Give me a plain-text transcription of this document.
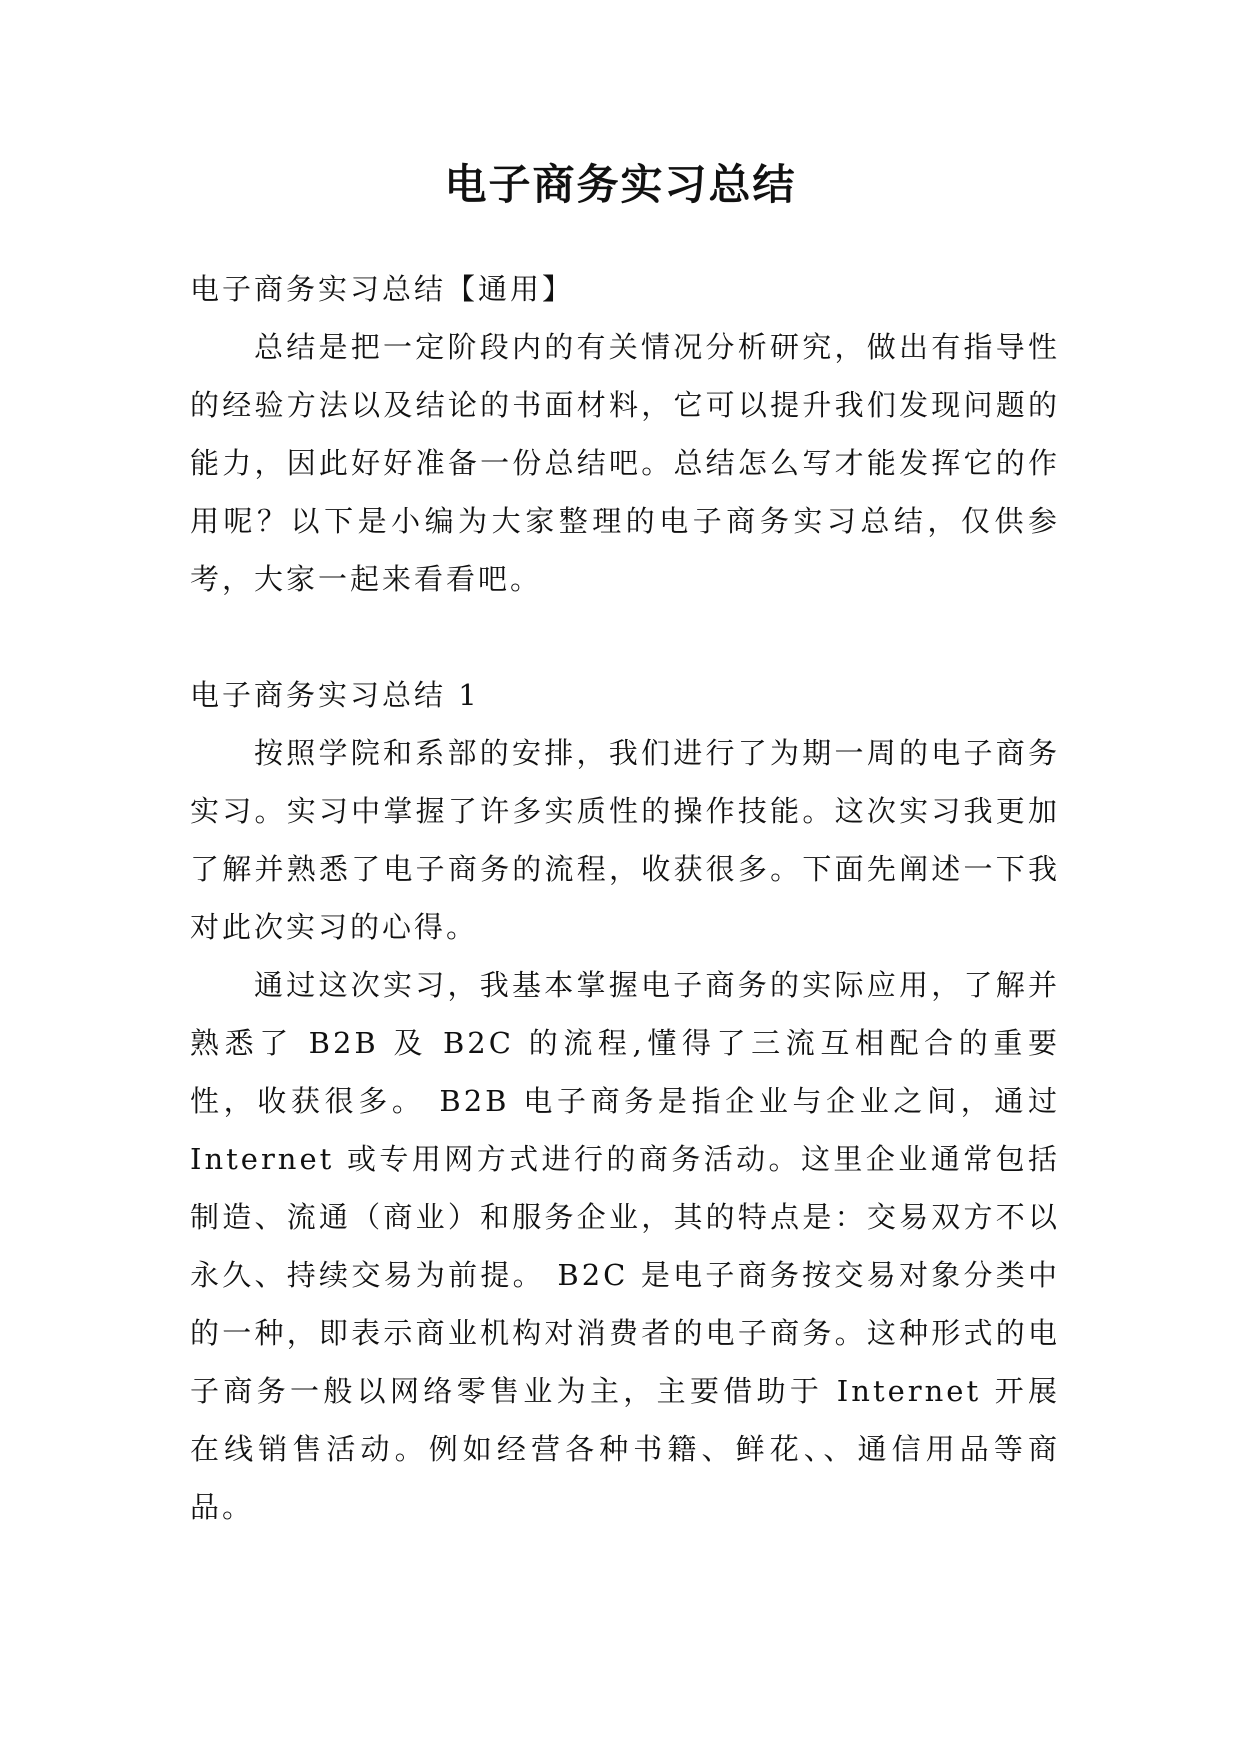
电子商务实习总结
电子商务实习总结【通用】

总结是把一定阶段内的有关情况分析研究，做出有指导性的经验方法以及结论的书面材料，它可以提升我们发现问题的能力，因此好好准备一份总结吧。总结怎么写才能发挥它的作用呢？以下是小编为大家整理的电子商务实习总结，仅供参考，大家一起来看看吧。

电子商务实习总结 1

按照学院和系部的安排，我们进行了为期一周的电子商务实习。实习中掌握了许多实质性的操作技能。这次实习我更加了解并熟悉了电子商务的流程，收获很多。下面先阐述一下我对此次实习的心得。

通过这次实习，我基本掌握电子商务的实际应用，了解并熟悉了 B2B 及 B2C 的流程,懂得了三流互相配合的重要性，收获很多。 B2B 电子商务是指企业与企业之间，通过 Internet 或专用网方式进行的商务活动。这里企业通常包括制造、流通（商业）和服务企业，其的特点是：交易双方不以永久、持续交易为前提。 B2C 是电子商务按交易对象分类中的一种，即表示商业机构对消费者的电子商务。这种形式的电子商务一般以网络零售业为主，主要借助于 Internet 开展在线销售活动。例如经营各种书籍、鲜花、、通信用品等商品。
